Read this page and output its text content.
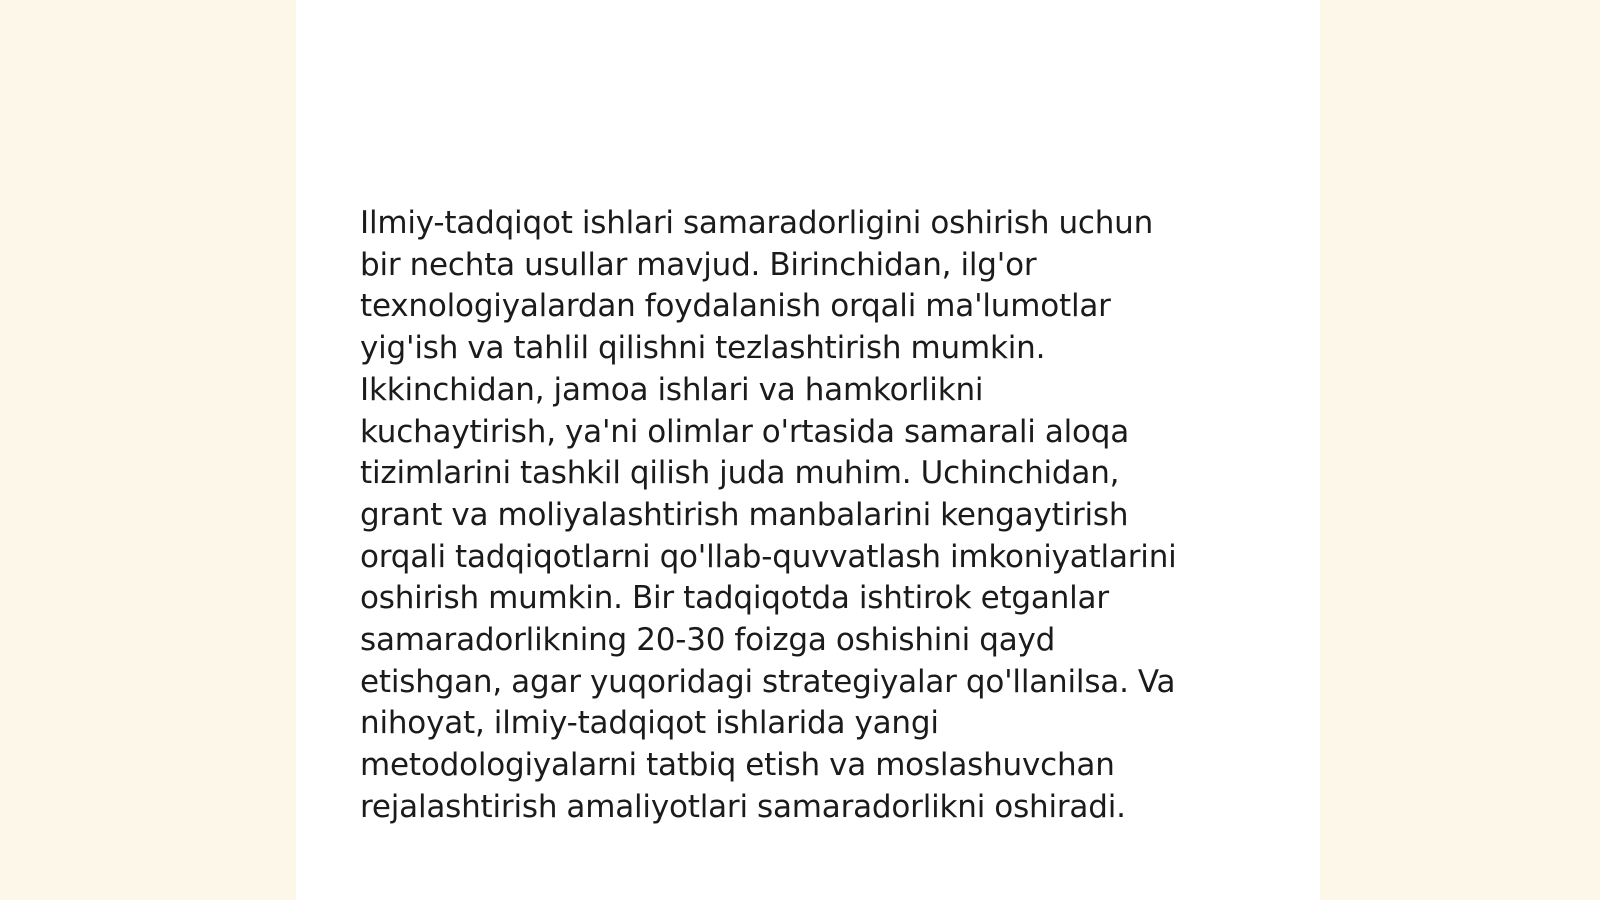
Ilmiy-tadqiqot ishlari samaradorligini oshirish uchun
bir nechta usullar mavjud. Birinchidan, ilg'or
texnologiyalardan foydalanish orqali ma'lumotlar
yig'ish va tahlil qilishni tezlashtirish mumkin.
Ikkinchidan, jamoa ishlari va hamkorlikni
kuchaytirish, ya'ni olimlar o'rtasida samarali aloqa
tizimlarini tashkil qilish juda muhim. Uchinchidan,
grant va moliyalashtirish manbalarini kengaytirish
orqali tadqiqotlarni qo'llab-quvvatlash imkoniyatlarini
oshirish mumkin. Bir tadqiqotda ishtirok etganlar
samaradorlikning 20-30 foizga oshishini qayd
etishgan, agar yuqoridagi strategiyalar qo'llanilsa. Va
nihoyat, ilmiy-tadqiqot ishlarida yangi
metodologiyalarni tatbiq etish va moslashuvchan
rejalashtirish amaliyotlari samaradorlikni oshiradi.
